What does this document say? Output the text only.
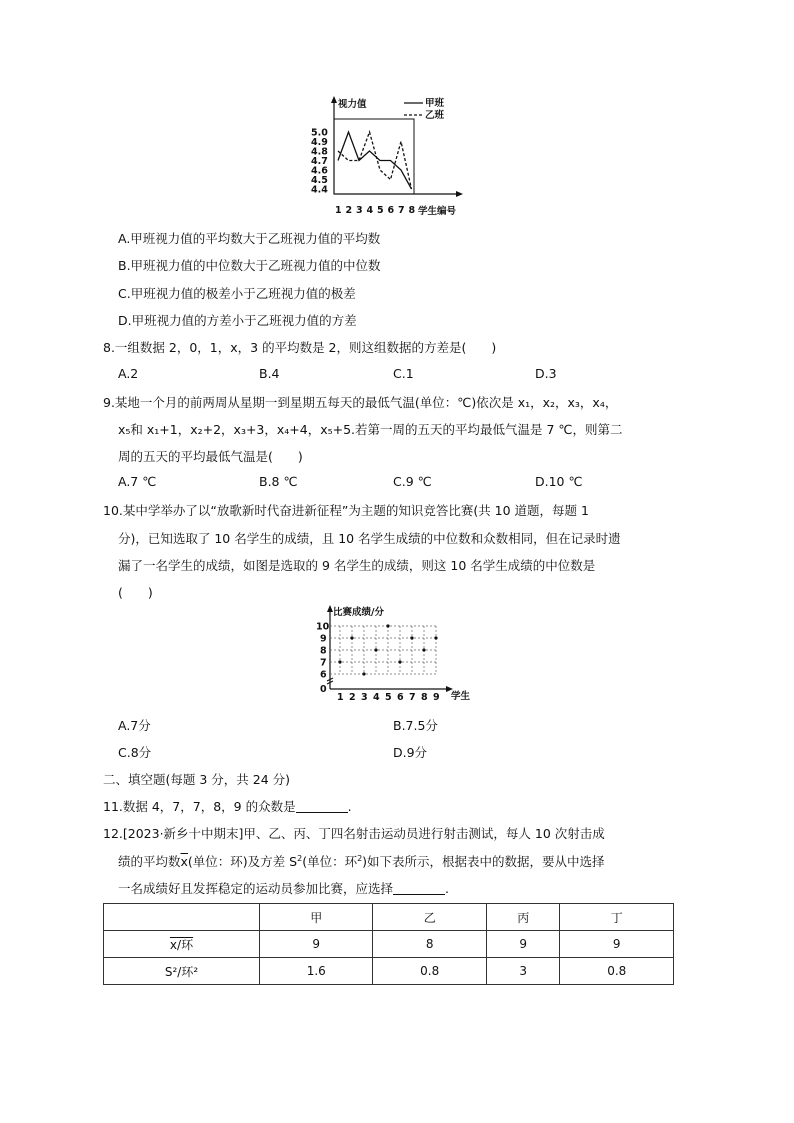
视力值	甲班
乙班
5.0
4.9
4.8
4.7
4.6
4.5
4.4
1 2 3 4 5 6 7 8 学生编号
A.甲班视力值的平均数大于乙班视力值的平均数
B.甲班视力值的中位数大于乙班视力值的中位数
C.甲班视力值的极差小于乙班视力值的极差
D.甲班视力值的方差小于乙班视力值的方差
8.一组数据 2，0，1，x，3 的平均数是 2，则这组数据的方差是(　　)
A.2	B.4	C.1	D.3
9.某地一个月的前两周从星期一到星期五每天的最低气温(单位：℃)依次是 x₁，x₂，x₃，x₄，
x₅和 x₁+1，x₂+2，x₃+3，x₄+4，x₅+5.若第一周的五天的平均最低气温是 7 ℃，则第二
周的五天的平均最低气温是(　　)
A.7 ℃	B.8 ℃	C.9 ℃	D.10 ℃
10.某中学举办了以“放歌新时代奋进新征程”为主题的知识竞答比赛(共 10 道题，每题 1
分)，已知选取了 10 名学生的成绩，且 10 名学生成绩的中位数和众数相同，但在记录时遗
漏了一名学生的成绩，如图是选取的 9 名学生的成绩，则这 10 名学生成绩的中位数是
(　　)
比赛成绩/分
10
9
8
7
6
0
1 2 3 4 5 6 7 8 9 学生
A.7分	B.7.5分
C.8分	D.9分
二、填空题(每题 3 分，共 24 分)
11.数据 4，7，7，8，9 的众数是	.
12.[2023·新乡十中期末]甲、乙、丙、丁四名射击运动员进行射击测试，每人 10 次射击成
绩的平均数$\overline{x}$(单位：环)及方差 $S^2$(单位：环$^2$)如下表所示，根据表中的数据，要从中选择
一名成绩好且发挥稳定的运动员参加比赛，应选择	.
	甲	乙	丙	丁
x/环	9	8	9	9
S²/环²	1.6	0.8	3	0.8
